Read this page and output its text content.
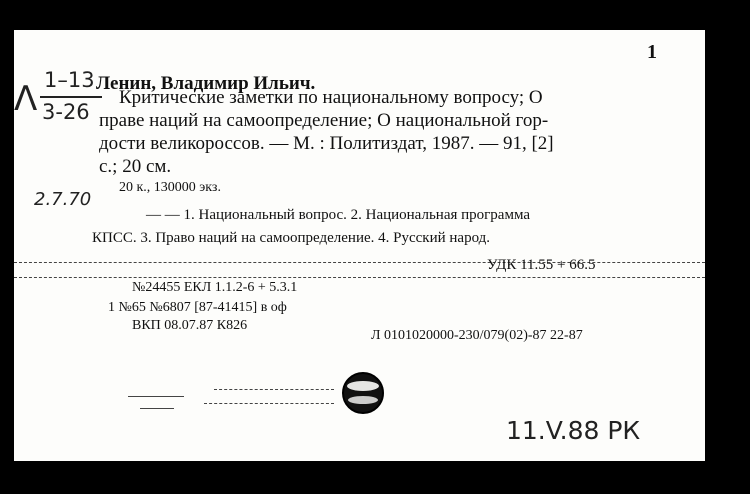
1
Λ 1–13
3-26
Ленин, Владимир Ильич.
Критические заметки по национальному вопросу; О
праве наций на самоопределение; О национальной гор-
дости великороссов. — М. : Политиздат, 1987. — 91, [2]
с.; 20 см.
20 к., 130000 экз.
2.7.70
— — 1. Национальный вопрос. 2. Национальная программа
КПСС. 3. Право наций на самоопределение. 4. Русский народ.
УДК 11.55 + 66.5
№24455 ЕКЛ 1.1.2-6 + 5.3.1
1 №65 №6807 [87-41415] в оф
ВКП 08.07.87 К826
Л 0101020000-230/079(02)-87 22-87
11.V.88 РК
